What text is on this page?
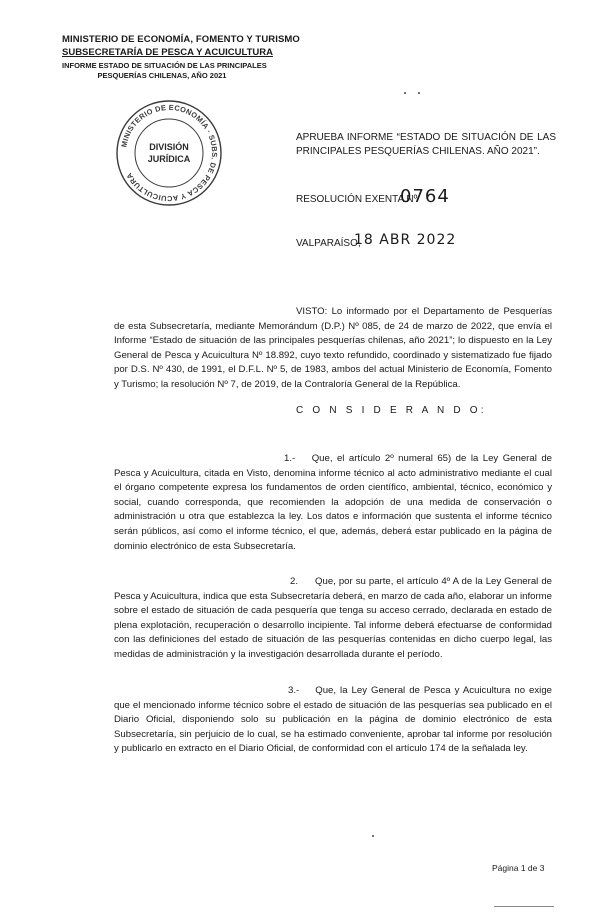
MINISTERIO DE ECONOMÍA, FOMENTO Y TURISMO
SUBSECRETARÍA DE PESCA Y ACUICULTURA
INFORME ESTADO DE SITUACIÓN DE LAS PRINCIPALES
PESQUERÍAS CHILENAS, AÑO 2021
MINISTERIO DE ECONOMÍA · SUBS. DE PESCA Y ACUICULTURA
DIVISIÓN
JURÍDICA
APRUEBA INFORME “ESTADO DE SITUACIÓN DE LAS PRINCIPALES PESQUERÍAS CHILENAS. AÑO 2021”.
RESOLUCIÓN EXENTA Nº
0764
VALPARAÍSO,
18 ABR 2022
VISTO: Lo informado por el Departamento de Pesquerías de esta Subsecretaría, mediante Memorándum (D.P.) Nº 085, de 24 de marzo de 2022, que envía el Informe “Estado de situación de las principales pesquerías chilenas, año 2021”; lo dispuesto en la Ley General de Pesca y Acuicultura Nº 18.892, cuyo texto refundido, coordinado y sistematizado fue fijado por D.S. Nº 430, de 1991, el D.F.L. Nº 5, de 1983, ambos del actual Ministerio de Economía, Fomento y Turismo; la resolución Nº 7, de 2019, de la Contraloría General de la República.
C O N S I D E R A N D O:
1.- Que, el artículo 2º numeral 65) de la Ley General de Pesca y Acuicultura, citada en Visto, denomina informe técnico al acto administrativo mediante el cual el órgano competente expresa los fundamentos de orden científico, ambiental, técnico, económico y social, cuando corresponda, que recomienden la adopción de una medida de conservación o administración u otra que establezca la ley. Los datos e información que sustenta el informe técnico serán públicos, así como el informe técnico, el que, además, deberá estar publicado en la página de dominio electrónico de esta Subsecretaría.
2. Que, por su parte, el artículo 4º A de la Ley General de Pesca y Acuicultura, indica que esta Subsecretaría deberá, en marzo de cada año, elaborar un informe sobre el estado de situación de cada pesquería que tenga su acceso cerrado, declarada en estado de plena explotación, recuperación o desarrollo incipiente. Tal informe deberá efectuarse de conformidad con las definiciones del estado de situación de las pesquerías contenidas en dicho cuerpo legal, las medidas de administración y la investigación desarrollada durante el período.
3.- Que, la Ley General de Pesca y Acuicultura no exige que el mencionado informe técnico sobre el estado de situación de las pesquerías sea publicado en el Diario Oficial, disponiendo solo su publicación en la página de dominio electrónico de esta Subsecretaría, sin perjuicio de lo cual, se ha estimado conveniente, aprobar tal informe por resolución y publicarlo en extracto en el Diario Oficial, de conformidad con el artículo 174 de la señalada ley.
Página 1 de 3
